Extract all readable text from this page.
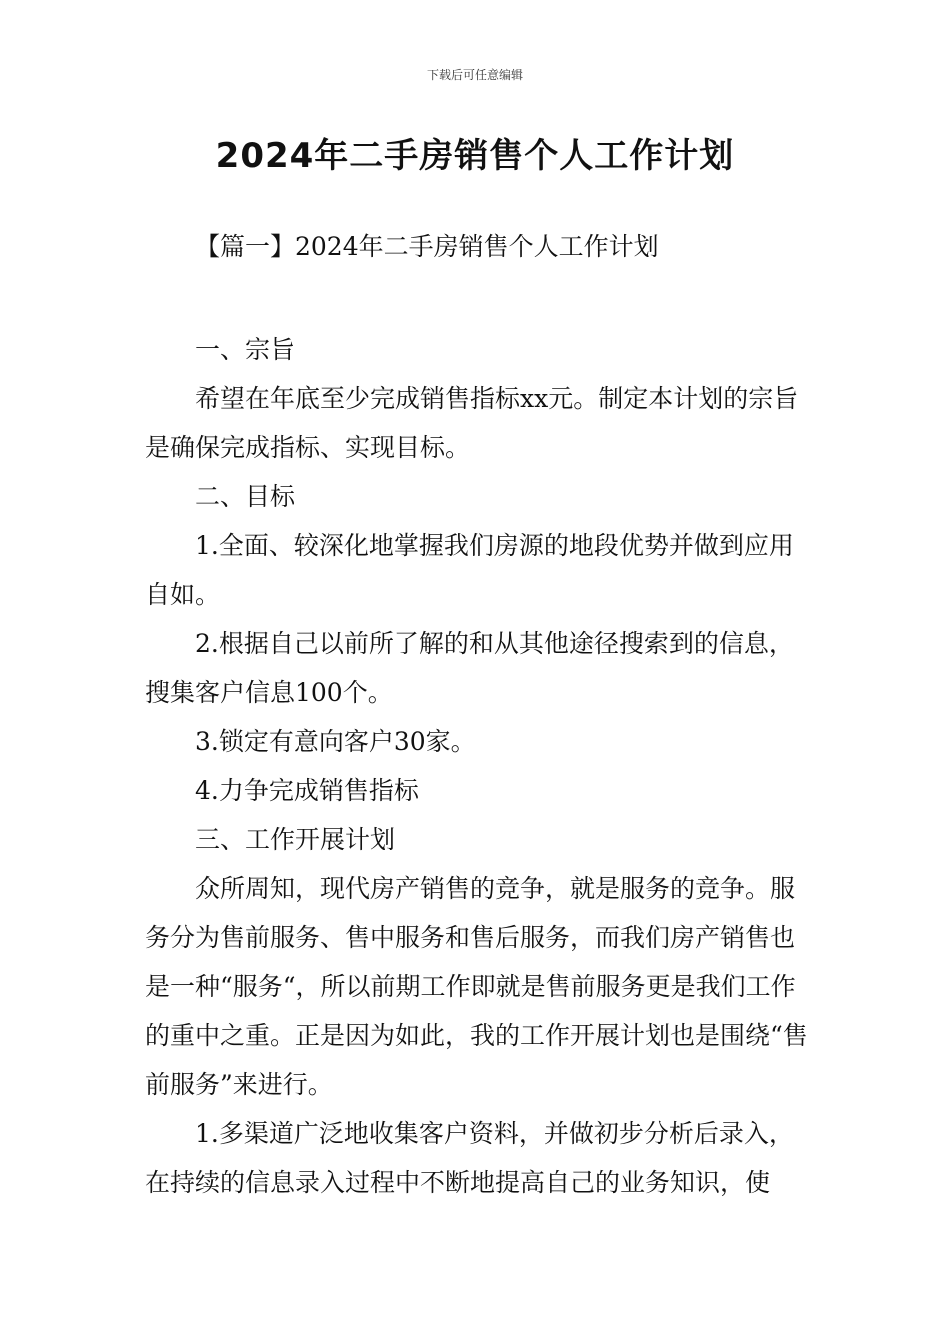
下载后可任意编辑
2024年二手房销售个人工作计划
【篇一】2024年二手房销售个人工作计划

一、宗旨

希望在年底至少完成销售指标xx元。制定本计划的宗旨是确保完成指标、实现目标。

二、目标

1.全面、较深化地掌握我们房源的地段优势并做到应用自如。

2.根据自己以前所了解的和从其他途径搜索到的信息，搜集客户信息100个。

3.锁定有意向客户30家。

4.力争完成销售指标

三、工作开展计划

众所周知，现代房产销售的竞争，就是服务的竞争。服务分为售前服务、售中服务和售后服务，而我们房产销售也是一种“服务“，所以前期工作即就是售前服务更是我们工作的重中之重。正是因为如此，我的工作开展计划也是围绕“售前服务”来进行。

1.多渠道广泛地收集客户资料，并做初步分析后录入，在持续的信息录入过程中不断地提高自己的业务知识，使
